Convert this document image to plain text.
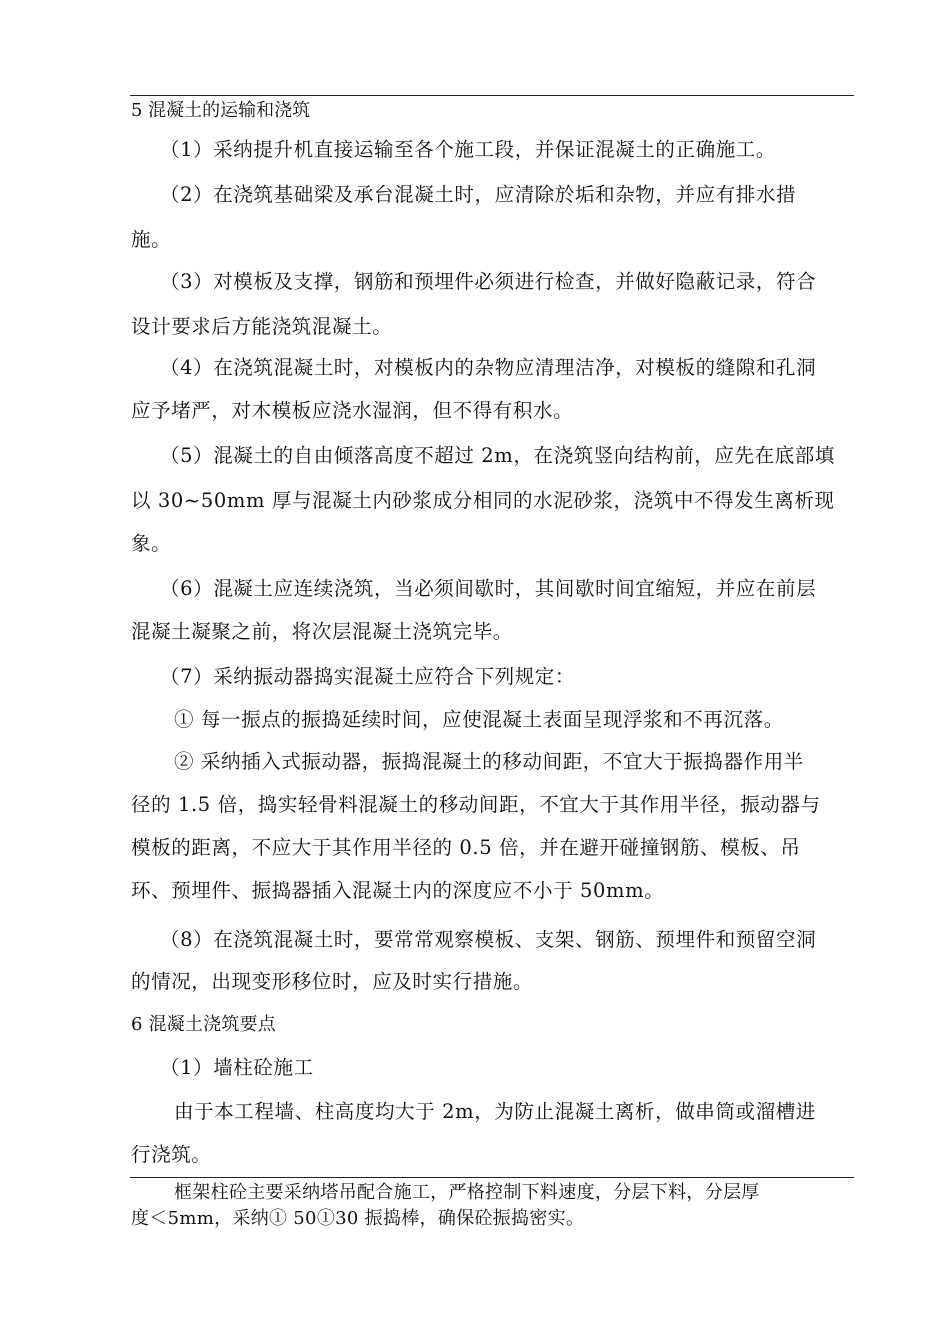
5 混凝土的运输和浇筑
（1）采纳提升机直接运输至各个施工段，并保证混凝土的正确施工。
（2）在浇筑基础梁及承台混凝土时，应清除於垢和杂物，并应有排水措
施。
（3）对模板及支撑，钢筋和预埋件必须进行检查，并做好隐蔽记录，符合
设计要求后方能浇筑混凝土。
（4）在浇筑混凝土时，对模板内的杂物应清理洁净，对模板的缝隙和孔洞
应予堵严，对木模板应浇水湿润，但不得有积水。
（5）混凝土的自由倾落高度不超过 2m，在浇筑竖向结构前，应先在底部填
以 30~50mm 厚与混凝土内砂浆成分相同的水泥砂浆，浇筑中不得发生离析现
象。
（6）混凝土应连续浇筑，当必须间歇时，其间歇时间宜缩短，并应在前层
混凝土凝聚之前，将次层混凝土浇筑完毕。
（7）采纳振动器捣实混凝土应符合下列规定：
① 每一振点的振捣延续时间，应使混凝土表面呈现浮浆和不再沉落。
② 采纳插入式振动器，振捣混凝土的移动间距，不宜大于振捣器作用半
径的 1.5 倍，捣实轻骨料混凝土的移动间距，不宜大于其作用半径，振动器与
模板的距离，不应大于其作用半径的 0.5 倍，并在避开碰撞钢筋、模板、吊
环、预埋件、振捣器插入混凝土内的深度应不小于 50mm。
（8）在浇筑混凝土时，要常常观察模板、支架、钢筋、预埋件和预留空洞
的情况，出现变形移位时，应及时实行措施。
6 混凝土浇筑要点
（1）墙柱砼施工
由于本工程墙、柱高度均大于 2m，为防止混凝土离析，做串筒或溜槽进
行浇筑。
框架柱砼主要采纳塔吊配合施工，严格控制下料速度，分层下料，分层厚
度＜5mm，采纳① 50①30 振捣棒，确保砼振捣密实。
